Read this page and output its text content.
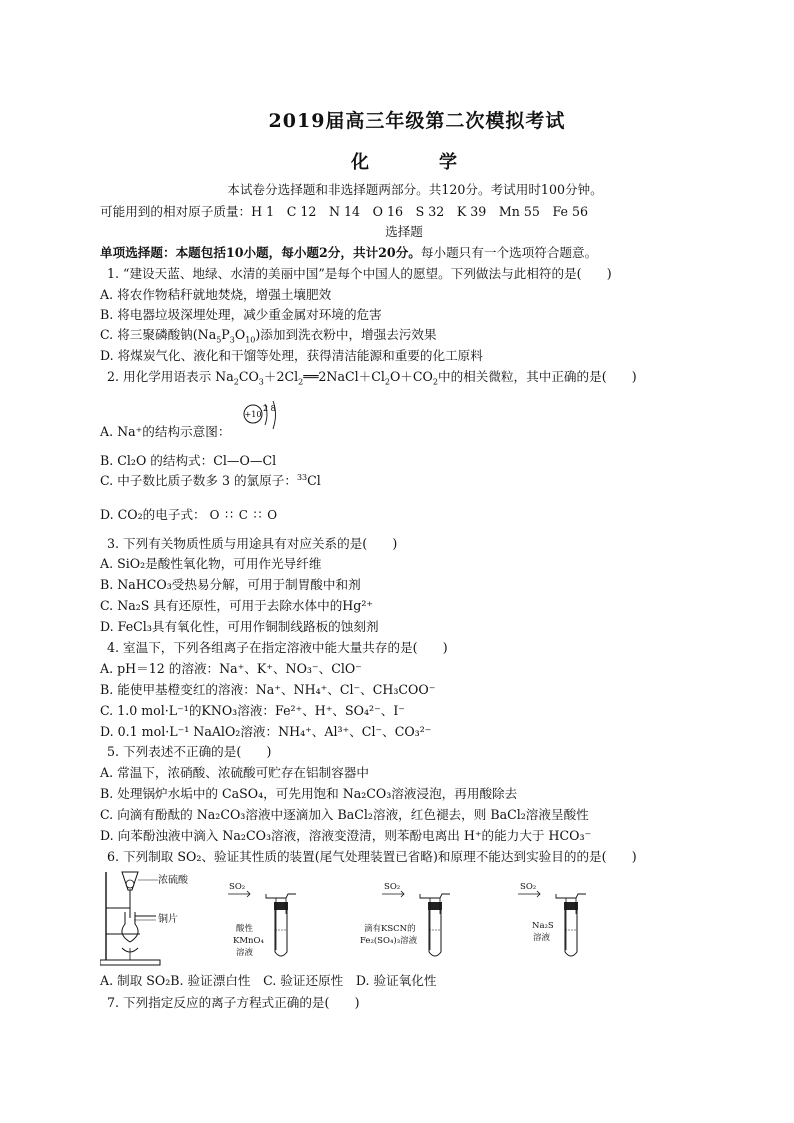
2019届高三年级第二次模拟考试
化　学
本试卷分选择题和非选择题两部分。共120分。考试用时100分钟。
可能用到的相对原子质量：H 1　C 12　N 14　O 16　S 32　K 39　Mn 55　Fe 56
选择题
单项选择题：本题包括10小题，每小题2分，共计20分。每小题只有一个选项符合题意。
1. “建设天蓝、地绿、水清的美丽中国”是每个中国人的愿望。下列做法与此相符的是(　　)
A. 将农作物秸秆就地焚烧，增强土壤肥效
B. 将电器垃圾深埋处理，减少重金属对环境的危害
C. 将三聚磷酸钠$(Na_5P_3O_{10})$添加到洗衣粉中，增强去污效果
D. 将煤炭气化、液化和干馏等处理，获得清洁能源和重要的化工原料
2. 用化学用语表示 $Na_2CO_3+2Cl_2══2NaCl+Cl_2O+CO_2$中的相关微粒，其中正确的是(　　)
A. Na⁺的结构示意图：
+10
2 8
B. Cl₂O 的结构式：Cl—O—Cl
C. 中子数比质子数多 3 的氯原子：$^{33}$Cl
D. CO₂的电子式： O ∷ C ∷ O
3. 下列有关物质性质与用途具有对应关系的是(　　)
A. SiO₂是酸性氧化物，可用作光导纤维
B. NaHCO₃受热易分解，可用于制胃酸中和剂
C. Na₂S 具有还原性，可用于去除水体中的Hg²⁺
D. FeCl₃具有氧化性，可用作铜制线路板的蚀刻剂
4. 室温下，下列各组离子在指定溶液中能大量共存的是(　　)
A. pH＝12 的溶液：Na⁺、K⁺、NO₃⁻、ClO⁻
B. 能使甲基橙变红的溶液：Na⁺、NH₄⁺、Cl⁻、CH₃COO⁻
C. 1.0 mol·L⁻¹的KNO₃溶液：Fe²⁺、H⁺、SO₄²⁻、I⁻
D. 0.1 mol·L⁻¹ NaAlO₂溶液：NH₄⁺、Al³⁺、Cl⁻、CO₃²⁻
5. 下列表述不正确的是(　　)
A. 常温下，浓硝酸、浓硫酸可贮存在铝制容器中
B. 处理锅炉水垢中的 CaSO₄，可先用饱和 Na₂CO₃溶液浸泡，再用酸除去
C. 向滴有酚酞的 Na₂CO₃溶液中逐滴加入 BaCl₂溶液，红色褪去，则 BaCl₂溶液呈酸性
D. 向苯酚浊液中滴入 Na₂CO₃溶液，溶液变澄清，则苯酚电离出 H⁺的能力大于 HCO₃⁻
6. 下列制取 SO₂、验证其性质的装置(尾气处理装置已省略)和原理不能达到实验目的的是(　　)
浓硫酸
铜片
SO₂
酸性
KMnO₄
溶液
SO₂
滴有KSCN的
Fe₂(SO₄)₃溶液
SO₂
Na₂S
溶液
A. 制取 SO₂B. 验证漂白性　C. 验证还原性　D. 验证氧化性
7. 下列指定反应的离子方程式正确的是(　　)
